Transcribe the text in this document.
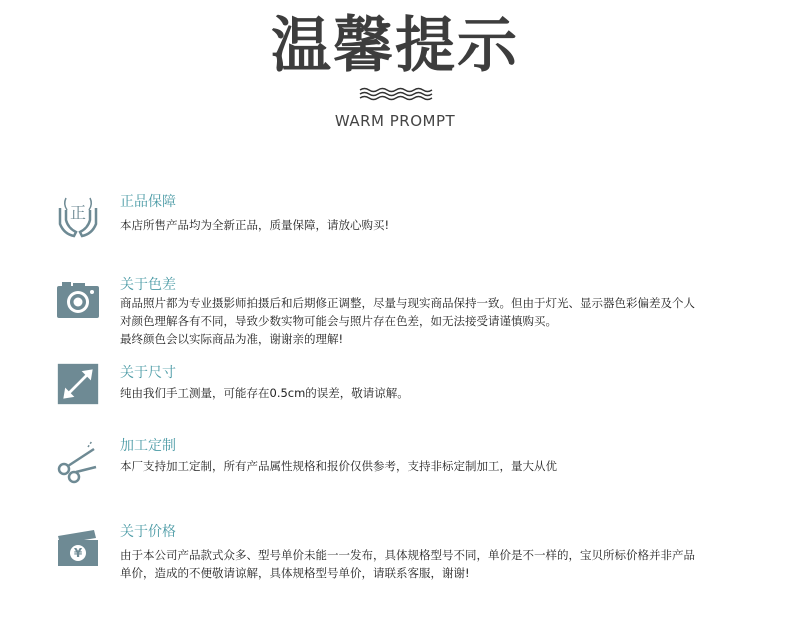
温馨提示
WARM PROMPT
正
正品保障

本店所售产品均为全新正品，质量保障，请放心购买!

关于色差

商品照片都为专业摄影师拍摄后和后期修正调整，尽量与现实商品保持一致。但由于灯光、显示器色彩偏差及个人
对颜色理解各有不同，导致少数实物可能会与照片存在色差，如无法接受请谨慎购买。
最终颜色会以实际商品为准，谢谢亲的理解!

关于尺寸

纯由我们手工测量，可能存在0.5cm的误差，敬请谅解。

加工定制

本厂支持加工定制，所有产品属性规格和报价仅供参考，支持非标定制加工，量大从优

¥
关于价格

由于本公司产品款式众多、型号单价未能一一发布，具体规格型号不同，单价是不一样的，宝贝所标价格并非产品
单价，造成的不便敬请谅解，具体规格型号单价，请联系客服，谢谢!
